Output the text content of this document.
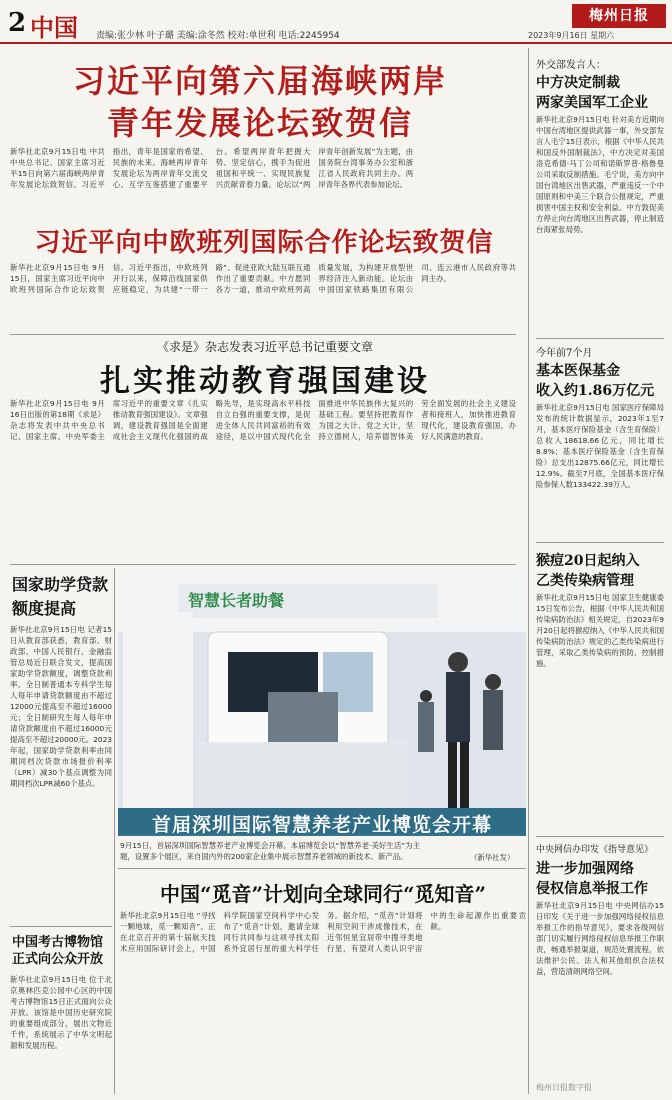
2 中国 责编:张少林 叶子璐 美编:涂冬然 校对:单世利 电话:2245954
梅州日报
2023年9月16日 星期六
习近平向第六届海峡两岸
青年发展论坛致贺信
新华社北京9月15日电 中共中央总书记、国家主席习近平15日向第六届海峡两岸青年发展论坛致贺信。习近平指出，青年是国家的希望、民族的未来。海峡两岸青年发展论坛为两岸青年交流交心、互学互鉴搭建了重要平台。希望两岸青年把握大势、坚定信心，携手为促进祖国和平统一、实现民族复兴贡献青春力量。论坛以“两岸青年创新发展”为主题，由国务院台湾事务办公室和浙江省人民政府共同主办。两岸青年各界代表参加论坛。
习近平向中欧班列国际合作论坛致贺信
新华社北京9月15日电 9月15日，国家主席习近平向中欧班列国际合作论坛致贺信。习近平指出，中欧班列开行以来，保障沿线国家供应链稳定，为共建“一带一路”、促进亚欧大陆互联互通作出了重要贡献。中方愿同各方一道，推动中欧班列高质量发展，为构建开放型世界经济注入新动能。论坛由中国国家铁路集团有限公司、连云港市人民政府等共同主办。
《求是》杂志发表习近平总书记重要文章
扎实推动教育强国建设
新华社北京9月15日电 9月16日出版的第18期《求是》杂志将发表中共中央总书记、国家主席、中央军委主席习近平的重要文章《扎实推动教育强国建设》。文章强调，建设教育强国是全面建成社会主义现代化强国的战略先导，是实现高水平科技自立自强的重要支撑，是促进全体人民共同富裕的有效途径，是以中国式现代化全面推进中华民族伟大复兴的基础工程。要坚持把教育作为国之大计、党之大计，坚持立德树人，培养德智体美劳全面发展的社会主义建设者和接班人，加快推进教育现代化，建设教育强国，办好人民满意的教育。
国家助学贷款
额度提高
新华社北京9月15日电 记者15日从教育部获悉，教育部、财政部、中国人民银行、金融监管总局近日联合发文，提高国家助学贷款额度，调整贷款利率。全日制普通本专科学生每人每年申请贷款额度由不超过12000元提高至不超过16000元；全日制研究生每人每年申请贷款额度由不超过16000元提高至不超过20000元。2023年起，国家助学贷款利率由同期同档次贷款市场报价利率（LPR）减30个基点调整为同期同档次LPR减60个基点。
中国考古博物馆正式向公众开放
新华社北京9月15日电 位于北京奥林匹克公园中心区的中国考古博物馆15日正式面向公众开放。该馆是中国历史研究院的重要组成部分，展出文物近千件，系统展示了中华文明起源和发展历程。
智慧长者助餐
首届深圳国际智慧养老产业博览会开幕
9月15日，首届深圳国际智慧养老产业博览会开幕。本届博览会以“智慧养老·美好生活”为主题，设置多个展区，来自国内外的200家企业集中展示智慧养老领域的新技术、新产品。	（新华社发）
中国“觅音”计划向全球同行“觅知音”
新华社北京9月15日电 “寻找一颗地球，觅一颗知音”。正在北京召开的第十届航天技术应用国际研讨会上，中国科学院国家空间科学中心发布了“觅音”计划，邀请全球同行共同参与这项寻找太阳系外宜居行星的重大科学任务。据介绍，“觅音”计划将利用空间干涉成像技术，在近邻恒星宜居带中搜寻类地行星，有望对人类认识宇宙中的生命起源作出重要贡献。
外交部发言人：
中方决定制裁
两家美国军工企业
新华社北京9月15日电 针对美方近期向中国台湾地区提供武器一事，外交部发言人毛宁15日表示，根据《中华人民共和国反外国制裁法》，中方决定对美国洛克希德·马丁公司和诺斯罗普·格鲁曼公司采取反制措施。毛宁说，美方向中国台湾地区出售武器，严重违反一个中国原则和中美三个联合公报规定，严重损害中国主权和安全利益。中方敦促美方停止向台湾地区出售武器，停止制造台海紧张局势。
今年前7个月
基本医保基金
收入约1.86万亿元
新华社北京9月15日电 国家医疗保障局发布的统计数据显示，2023年1至7月，基本医疗保险基金（含生育保险）总收入18618.66亿元，同比增长8.8%；基本医疗保险基金（含生育保险）总支出12875.66亿元，同比增长12.9%。截至7月底，全国基本医疗保险参保人数133422.39万人。
猴痘20日起纳入
乙类传染病管理
新华社北京9月15日电 国家卫生健康委15日发布公告，根据《中华人民共和国传染病防治法》相关规定，自2023年9月20日起将猴痘纳入《中华人民共和国传染病防治法》规定的乙类传染病进行管理，采取乙类传染病的预防、控制措施。
中央网信办印发《指导意见》
进一步加强网络
侵权信息举报工作
新华社北京9月15日电 中央网信办15日印发《关于进一步加强网络侵权信息举报工作的指导意见》，要求各级网信部门切实履行网络侵权信息举报工作职责，畅通举报渠道，规范处置流程，依法维护公民、法人和其他组织合法权益，营造清朗网络空间。
梅州日报数字报
